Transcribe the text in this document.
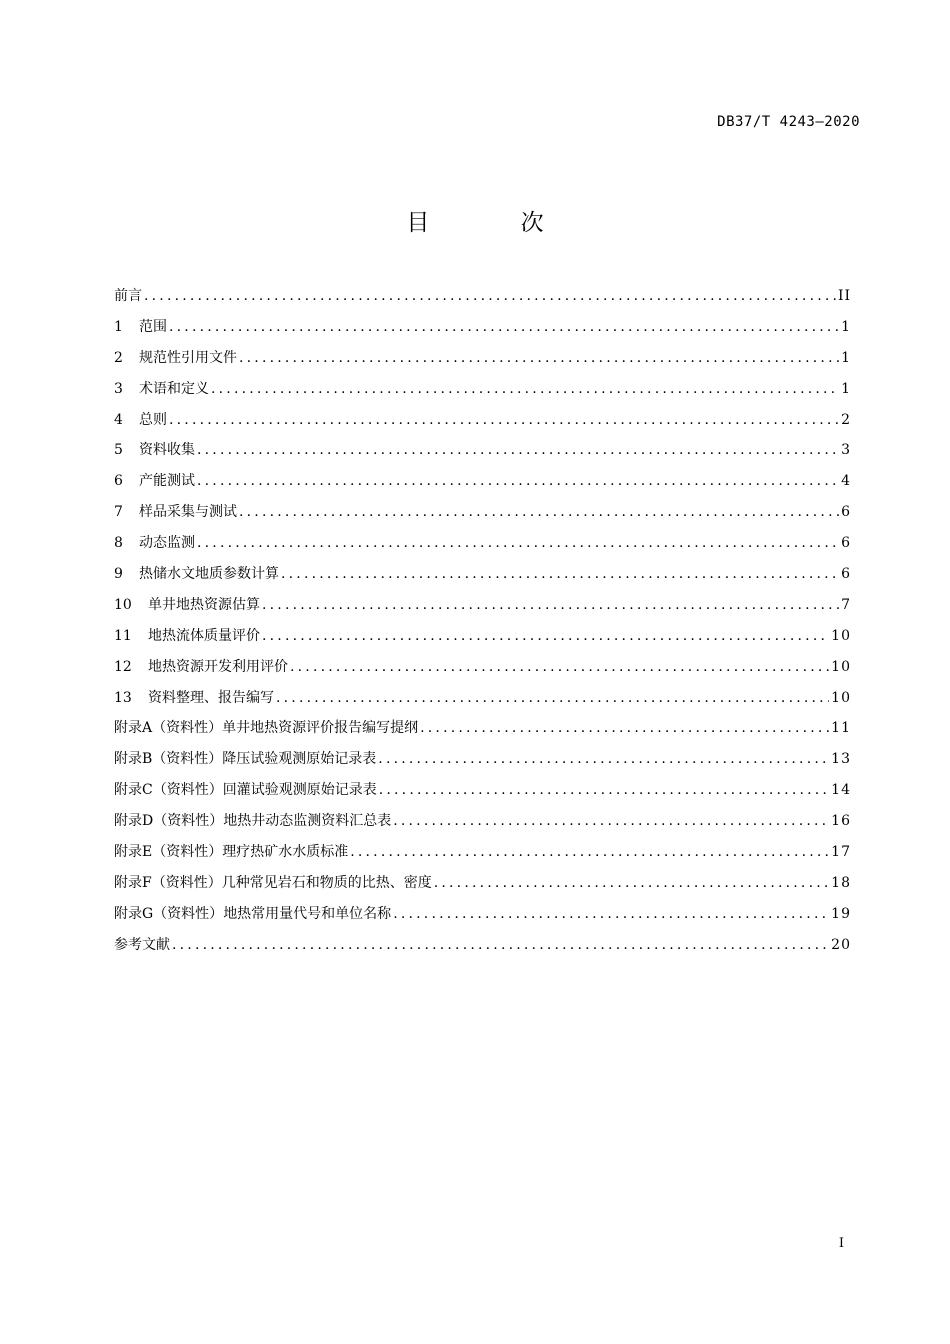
DB37/T 4243—2020
目 次
前言 .....	II
1	范围 .....	1
2	规范性引用文件 .....	1
3	术语和定义 .....	1
4	总则 .....	2
5	资料收集 .....	3
6	产能测试 .....	4
7	样品采集与测试 .....	6
8	动态监测 .....	6
9	热储水文地质参数计算 .....	6
10	单井地热资源估算 .....	7
11	地热流体质量评价 .....	10
12	地热资源开发利用评价 .....	10
13	资料整理、报告编写 .....	10
附录A（资料性） 单井地热资源评价报告编写提纲 .....	11
附录B（资料性） 降压试验观测原始记录表 .....	13
附录C（资料性） 回灌试验观测原始记录表 .....	14
附录D（资料性） 地热井动态监测资料汇总表 .....	16
附录E（资料性） 理疗热矿水水质标准 .....	17
附录F（资料性） 几种常见岩石和物质的比热、密度 .....	18
附录G（资料性） 地热常用量代号和单位名称 .....	19
参考文献 .....	20
I
